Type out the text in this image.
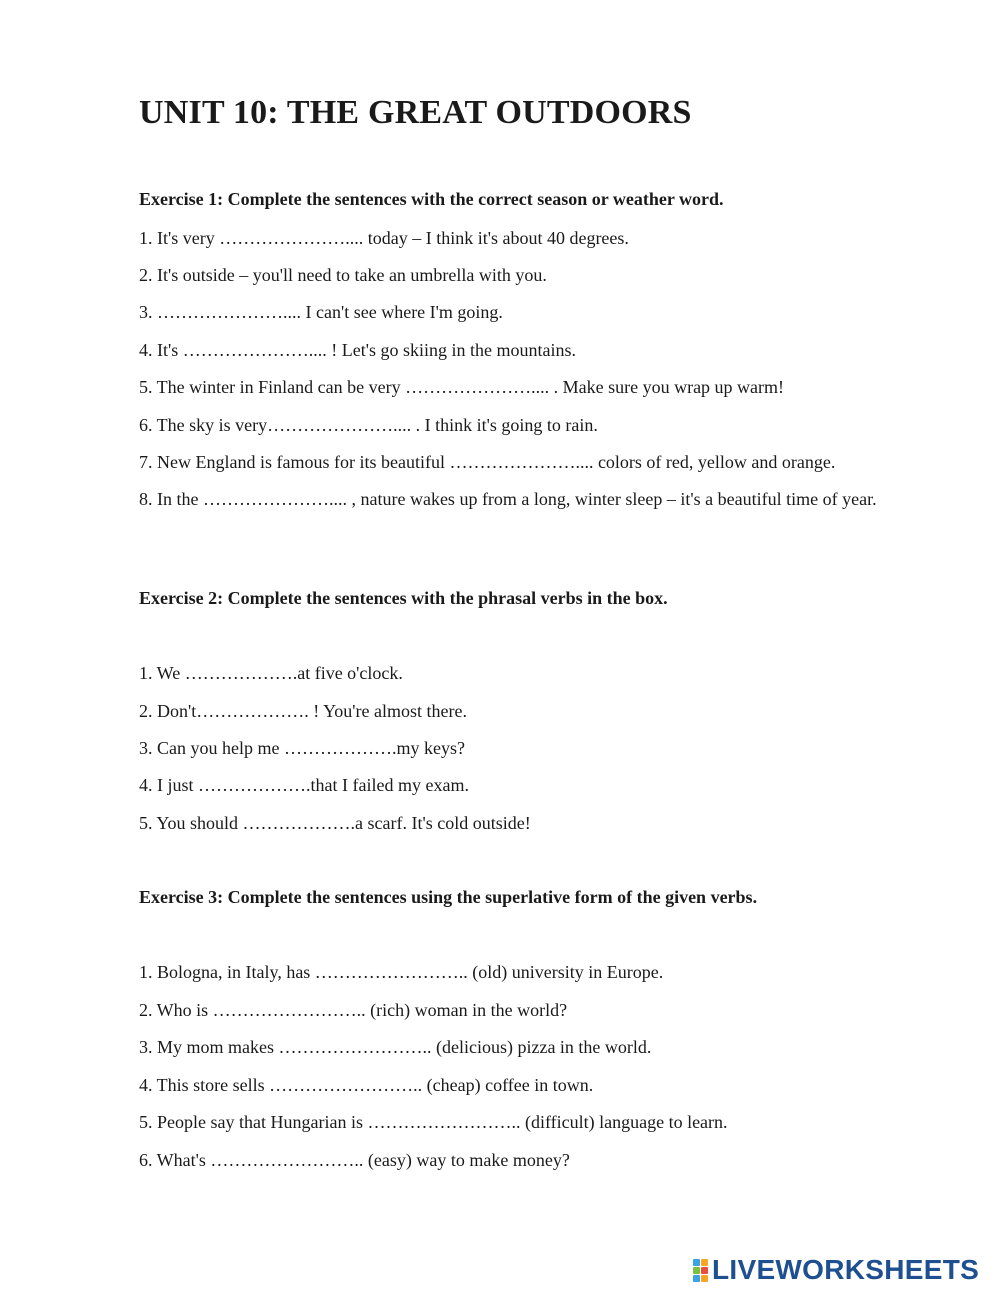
UNIT 10: THE GREAT OUTDOORS

Exercise 1: Complete the sentences with the correct season or weather word.

1. It's very ………………….... today – I think it's about 40 degrees.

2. It's outside – you'll need to take an umbrella with you.

3. ………………….... I can't see where I'm going.

4. It's ………………….... ! Let's go skiing in the mountains.

5. The winter in Finland can be very ………………….... . Make sure you wrap up warm!

6. The sky is very………………….... . I think it's going to rain.

7. New England is famous for its beautiful ………………….... colors of red, yellow and orange.

8. In the ………………….... , nature wakes up from a long, winter sleep – it's a beautiful time of year.

Exercise 2: Complete the sentences with the phrasal verbs in the box.

1. We ……………….at five o'clock.

2. Don't………………. ! You're almost there.

3. Can you help me ……………….my keys?

4. I just ……………….that I failed my exam.

5. You should ……………….a scarf. It's cold outside!

Exercise 3: Complete the sentences using the superlative form of the given verbs.

1. Bologna, in Italy, has …………………….. (old) university in Europe.

2. Who is …………………….. (rich) woman in the world?

3. My mom makes …………………….. (delicious) pizza in the world.

4. This store sells …………………….. (cheap) coffee in town.

5. People say that Hungarian is …………………….. (difficult) language to learn.

6. What's …………………….. (easy) way to make money?

LIVEWORKSHEETS
